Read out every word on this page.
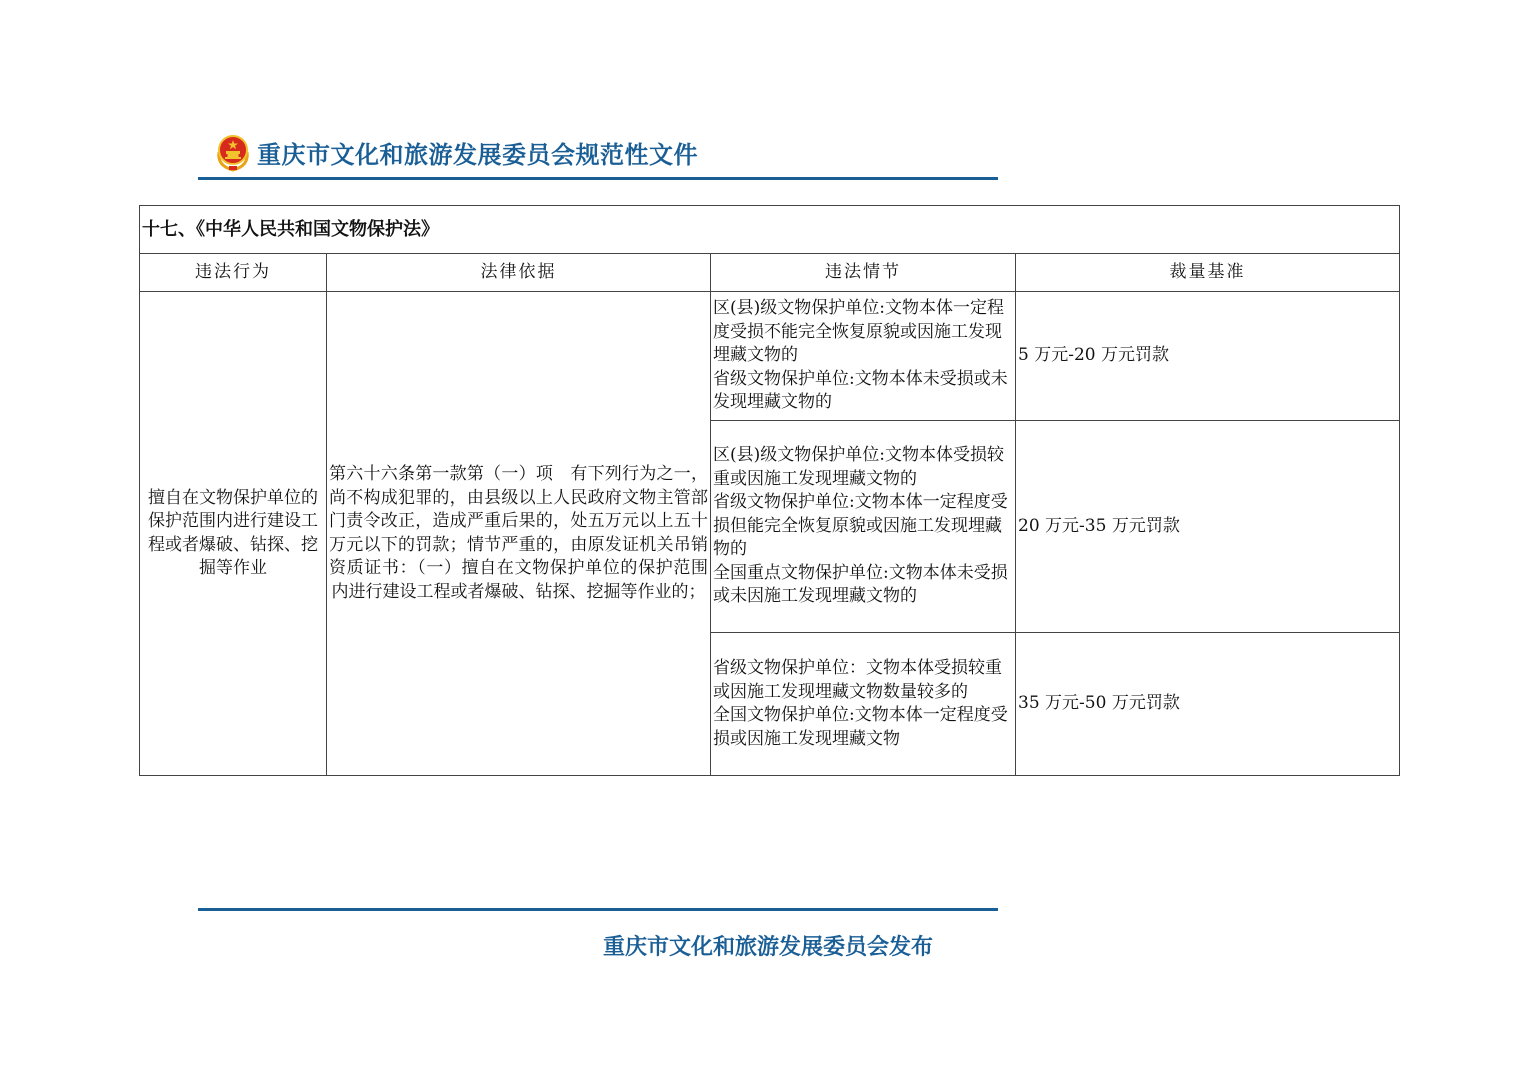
重庆市文化和旅游发展委员会规范性文件
十七、《中华人民共和国文物保护法》			
违法行为	法律依据	违法情节	裁量基准
擅自在文物保护单位的保护范围内进行建设工程或者爆破、钻探、挖掘等作业	第六十六条第一款第（一）项　有下列行为之一，尚不构成犯罪的，由县级以上人民政府文物主管部门责令改正，造成严重后果的，处五万元以上五十万元以下的罚款；情节严重的，由原发证机关吊销资质证书：（一）擅自在文物保护单位的保护范围内进行建设工程或者爆破、钻探、挖掘等作业的；	区(县)级文物保护单位:文物本体一定程度受损不能完全恢复原貌或因施工发现埋藏文物的
省级文物保护单位:文物本体未受损或未发现埋藏文物的	5 万元-20 万元罚款

		区(县)级文物保护单位:文物本体受损较重或因施工发现埋藏文物的
省级文物保护单位:文物本体一定程度受损但能完全恢复原貌或因施工发现埋藏物的
全国重点文物保护单位:文物本体未受损或未因施工发现埋藏文物的	20 万元-35 万元罚款

		省级文物保护单位：文物本体受损较重或因施工发现埋藏文物数量较多的
全国文物保护单位:文物本体一定程度受损或因施工发现埋藏文物	35 万元-50 万元罚款
重庆市文化和旅游发展委员会发布
